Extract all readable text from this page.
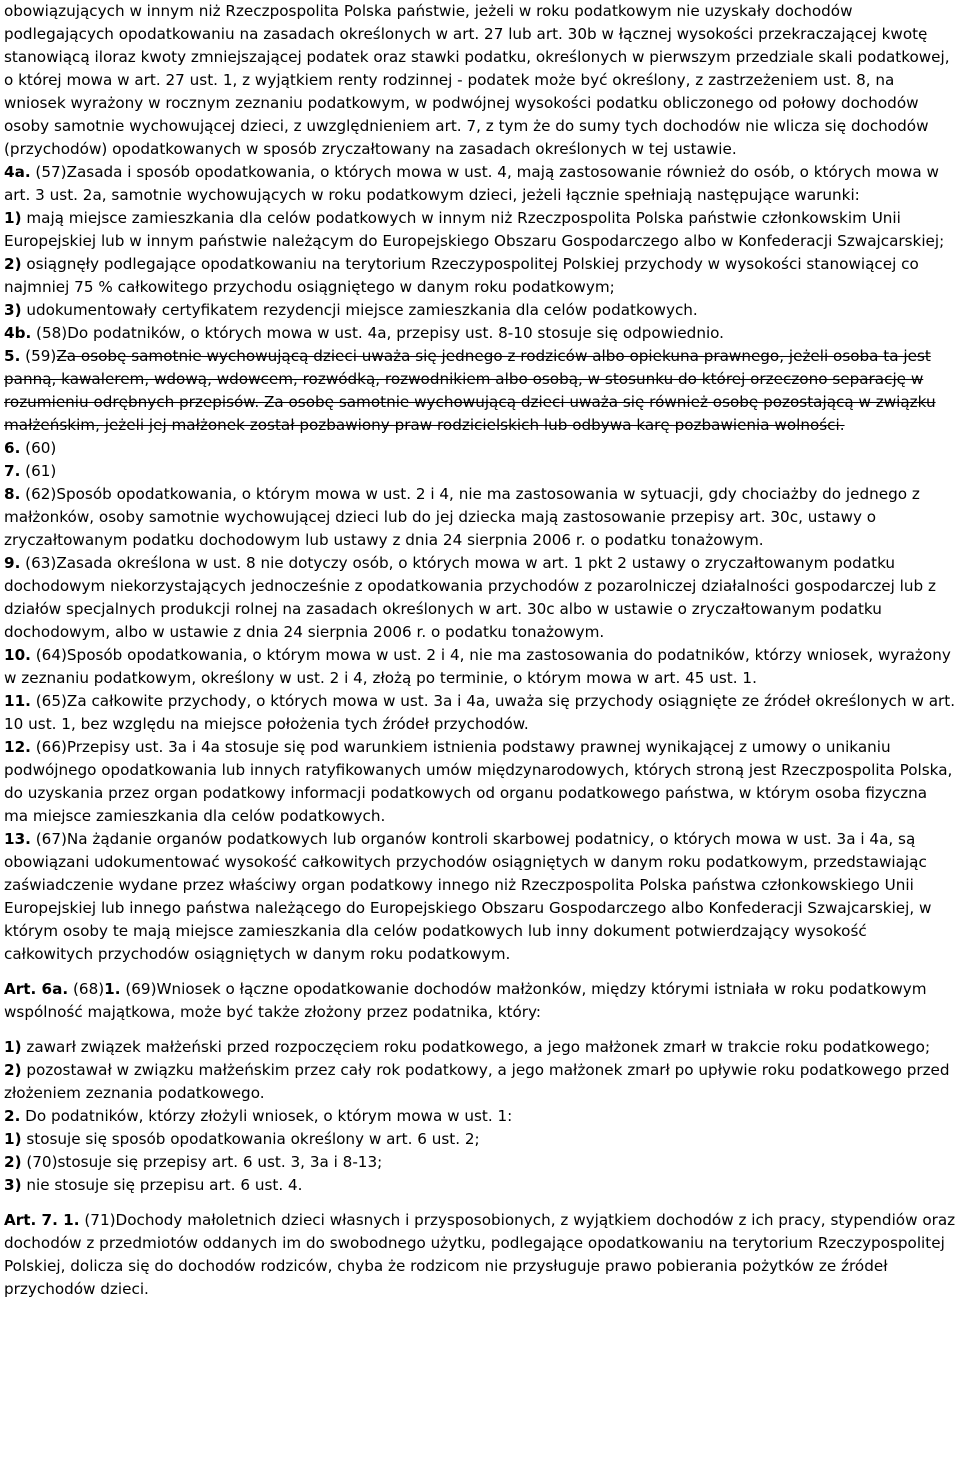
obowiązujących w innym niż Rzeczpospolita Polska państwie, jeżeli w roku podatkowym nie uzyskały dochodów podlegających opodatkowaniu na zasadach określonych w art. 27 lub art. 30b w łącznej wysokości przekraczającej kwotę stanowiącą iloraz kwoty zmniejszającej podatek oraz stawki podatku, określonych w pierwszym przedziale skali podatkowej, o której mowa w art. 27 ust. 1, z wyjątkiem renty rodzinnej - podatek może być określony, z zastrzeżeniem ust. 8, na wniosek wyrażony w rocznym zeznaniu podatkowym, w podwójnej wysokości podatku obliczonego od połowy dochodów osoby samotnie wychowującej dzieci, z uwzględnieniem art. 7, z tym że do sumy tych dochodów nie wlicza się dochodów (przychodów) opodatkowanych w sposób zryczałtowany na zasadach określonych w tej ustawie.

4a. (57)Zasada i sposób opodatkowania, o których mowa w ust. 4, mają zastosowanie również do osób, o których mowa w art. 3 ust. 2a, samotnie wychowujących w roku podatkowym dzieci, jeżeli łącznie spełniają następujące warunki:

1) mają miejsce zamieszkania dla celów podatkowych w innym niż Rzeczpospolita Polska państwie członkowskim Unii Europejskiej lub w innym państwie należącym do Europejskiego Obszaru Gospodarczego albo w Konfederacji Szwajcarskiej;

2) osiągnęły podlegające opodatkowaniu na terytorium Rzeczypospolitej Polskiej przychody w wysokości stanowiącej co najmniej 75 % całkowitego przychodu osiągniętego w danym roku podatkowym;

3) udokumentowały certyfikatem rezydencji miejsce zamieszkania dla celów podatkowych.

4b. (58)Do podatników, o których mowa w ust. 4a, przepisy ust. 8-10 stosuje się odpowiednio.

5. (59)Za osobę samotnie wychowującą dzieci uważa się jednego z rodziców albo opiekuna prawnego, jeżeli osoba ta jest panną, kawalerem, wdową, wdowcem, rozwódką, rozwodnikiem albo osobą, w stosunku do której orzeczono separację w rozumieniu odrębnych przepisów. Za osobę samotnie wychowującą dzieci uważa się również osobę pozostającą w związku małżeńskim, jeżeli jej małżonek został pozbawiony praw rodzicielskich lub odbywa karę pozbawienia wolności.

6. (60)

7. (61)

8. (62)Sposób opodatkowania, o którym mowa w ust. 2 i 4, nie ma zastosowania w sytuacji, gdy chociażby do jednego z małżonków, osoby samotnie wychowującej dzieci lub do jej dziecka mają zastosowanie przepisy art. 30c, ustawy o zryczałtowanym podatku dochodowym lub ustawy z dnia 24 sierpnia 2006 r. o podatku tonażowym.

9. (63)Zasada określona w ust. 8 nie dotyczy osób, o których mowa w art. 1 pkt 2 ustawy o zryczałtowanym podatku dochodowym niekorzystających jednocześnie z opodatkowania przychodów z pozarolniczej działalności gospodarczej lub z działów specjalnych produkcji rolnej na zasadach określonych w art. 30c albo w ustawie o zryczałtowanym podatku dochodowym, albo w ustawie z dnia 24 sierpnia 2006 r. o podatku tonażowym.

10. (64)Sposób opodatkowania, o którym mowa w ust. 2 i 4, nie ma zastosowania do podatników, którzy wniosek, wyrażony w zeznaniu podatkowym, określony w ust. 2 i 4, złożą po terminie, o którym mowa w art. 45 ust. 1.

11. (65)Za całkowite przychody, o których mowa w ust. 3a i 4a, uważa się przychody osiągnięte ze źródeł określonych w art. 10 ust. 1, bez względu na miejsce położenia tych źródeł przychodów.

12. (66)Przepisy ust. 3a i 4a stosuje się pod warunkiem istnienia podstawy prawnej wynikającej z umowy o unikaniu podwójnego opodatkowania lub innych ratyfikowanych umów międzynarodowych, których stroną jest Rzeczpospolita Polska, do uzyskania przez organ podatkowy informacji podatkowych od organu podatkowego państwa, w którym osoba fizyczna ma miejsce zamieszkania dla celów podatkowych.

13. (67)Na żądanie organów podatkowych lub organów kontroli skarbowej podatnicy, o których mowa w ust. 3a i 4a, są obowiązani udokumentować wysokość całkowitych przychodów osiągniętych w danym roku podatkowym, przedstawiając zaświadczenie wydane przez właściwy organ podatkowy innego niż Rzeczpospolita Polska państwa członkowskiego Unii Europejskiej lub innego państwa należącego do Europejskiego Obszaru Gospodarczego albo Konfederacji Szwajcarskiej, w którym osoby te mają miejsce zamieszkania dla celów podatkowych lub inny dokument potwierdzający wysokość całkowitych przychodów osiągniętych w danym roku podatkowym.

Art. 6a. (68)1. (69)Wniosek o łączne opodatkowanie dochodów małżonków, między którymi istniała w roku podatkowym wspólność majątkowa, może być także złożony przez podatnika, który:

1) zawarł związek małżeński przed rozpoczęciem roku podatkowego, a jego małżonek zmarł w trakcie roku podatkowego;

2) pozostawał w związku małżeńskim przez cały rok podatkowy, a jego małżonek zmarł po upływie roku podatkowego przed złożeniem zeznania podatkowego.

2. Do podatników, którzy złożyli wniosek, o którym mowa w ust. 1:

1) stosuje się sposób opodatkowania określony w art. 6 ust. 2;

2) (70)stosuje się przepisy art. 6 ust. 3, 3a i 8-13;

3) nie stosuje się przepisu art. 6 ust. 4.

Art. 7. 1. (71)Dochody małoletnich dzieci własnych i przysposobionych, z wyjątkiem dochodów z ich pracy, stypendiów oraz dochodów z przedmiotów oddanych im do swobodnego użytku, podlegające opodatkowaniu na terytorium Rzeczypospolitej Polskiej, dolicza się do dochodów rodziców, chyba że rodzicom nie przysługuje prawo pobierania pożytków ze źródeł przychodów dzieci.
